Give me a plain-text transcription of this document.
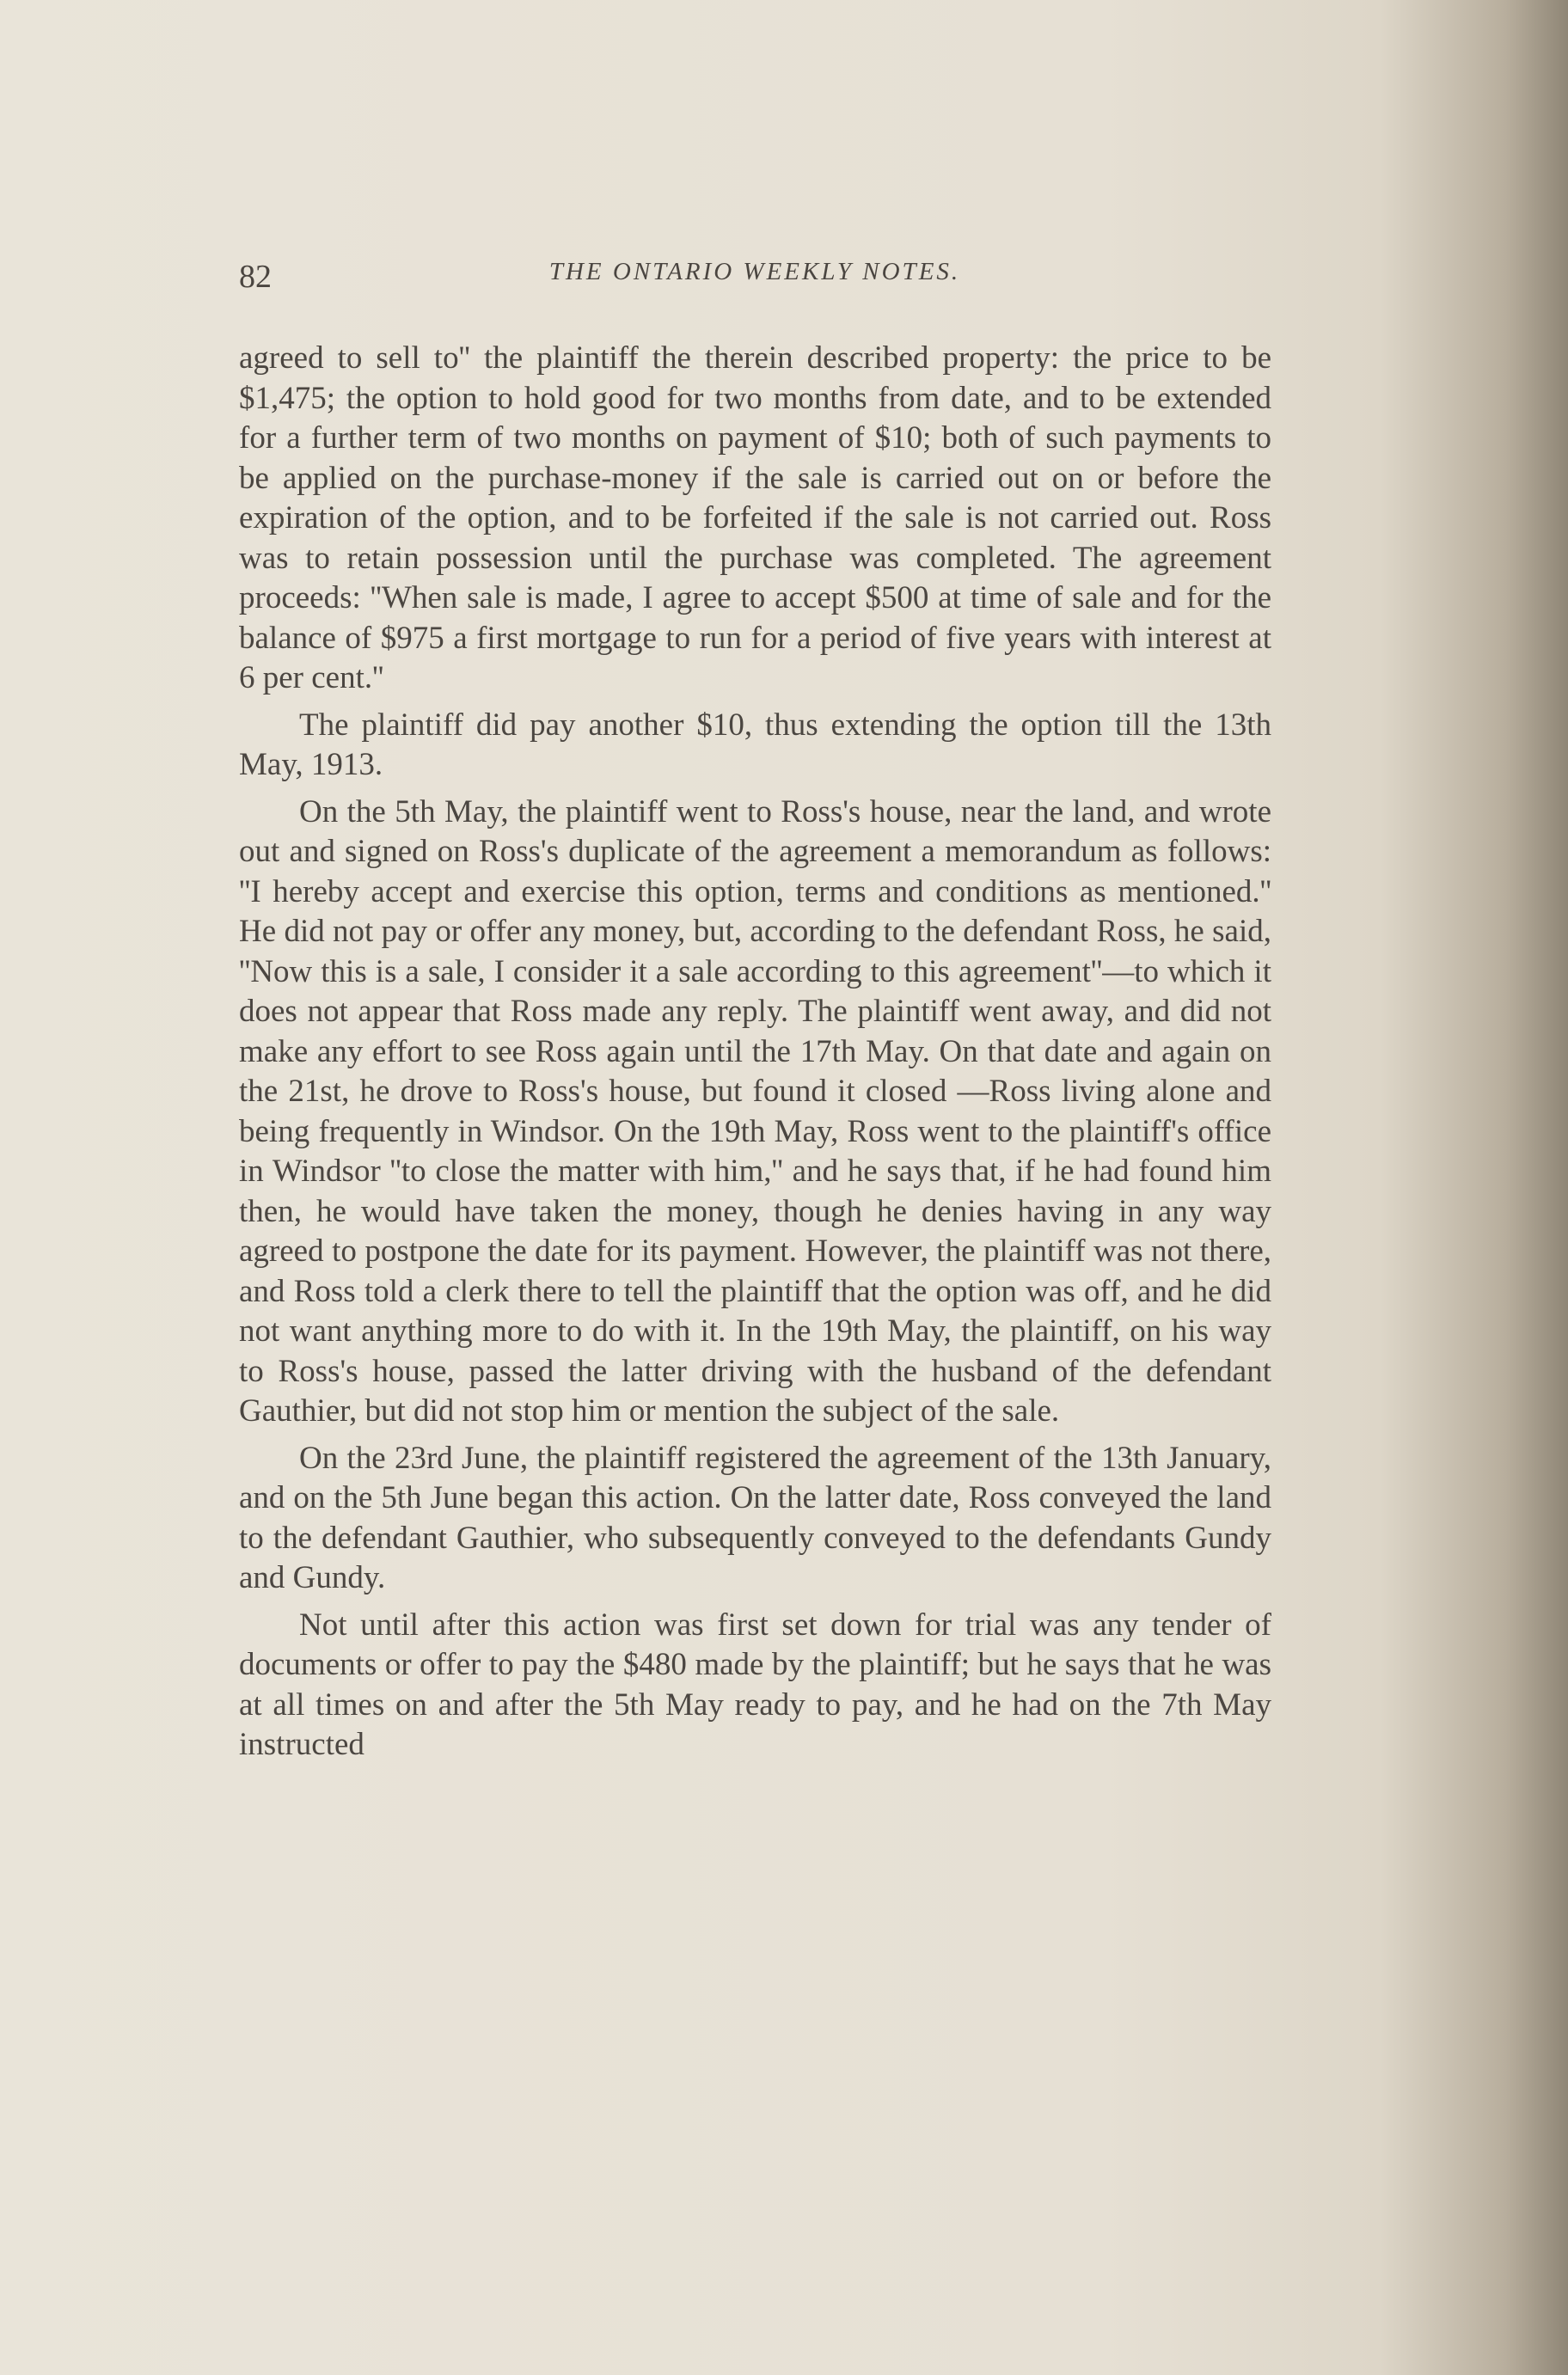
82	THE ONTARIO WEEKLY NOTES.

agreed to sell to'' the plaintiff the therein described property: the price to be $1,475; the option to hold good for two months from date, and to be extended for a further term of two months on payment of $10; both of such payments to be applied on the purchase-money if the sale is carried out on or before the expiration of the option, and to be forfeited if the sale is not carried out. Ross was to retain possession until the purchase was completed. The agreement proceeds: ''When sale is made, I agree to accept $500 at time of sale and for the balance of $975 a first mortgage to run for a period of five years with interest at 6 per cent.''

The plaintiff did pay another $10, thus extending the option till the 13th May, 1913.

On the 5th May, the plaintiff went to Ross's house, near the land, and wrote out and signed on Ross's duplicate of the agreement a memorandum as follows: ''I hereby accept and exercise this option, terms and conditions as mentioned.'' He did not pay or offer any money, but, according to the defendant Ross, he said, ''Now this is a sale, I consider it a sale according to this agreement''—to which it does not appear that Ross made any reply. The plaintiff went away, and did not make any effort to see Ross again until the 17th May. On that date and again on the 21st, he drove to Ross's house, but found it closed —Ross living alone and being frequently in Windsor. On the 19th May, Ross went to the plaintiff's office in Windsor ''to close the matter with him,'' and he says that, if he had found him then, he would have taken the money, though he denies having in any way agreed to postpone the date for its payment. However, the plaintiff was not there, and Ross told a clerk there to tell the plaintiff that the option was off, and he did not want anything more to do with it. In the 19th May, the plaintiff, on his way to Ross's house, passed the latter driving with the husband of the defendant Gauthier, but did not stop him or mention the subject of the sale.

On the 23rd June, the plaintiff registered the agreement of the 13th January, and on the 5th June began this action. On the latter date, Ross conveyed the land to the defendant Gauthier, who subsequently conveyed to the defendants Gundy and Gundy.

Not until after this action was first set down for trial was any tender of documents or offer to pay the $480 made by the plaintiff; but he says that he was at all times on and after the 5th May ready to pay, and he had on the 7th May instructed
